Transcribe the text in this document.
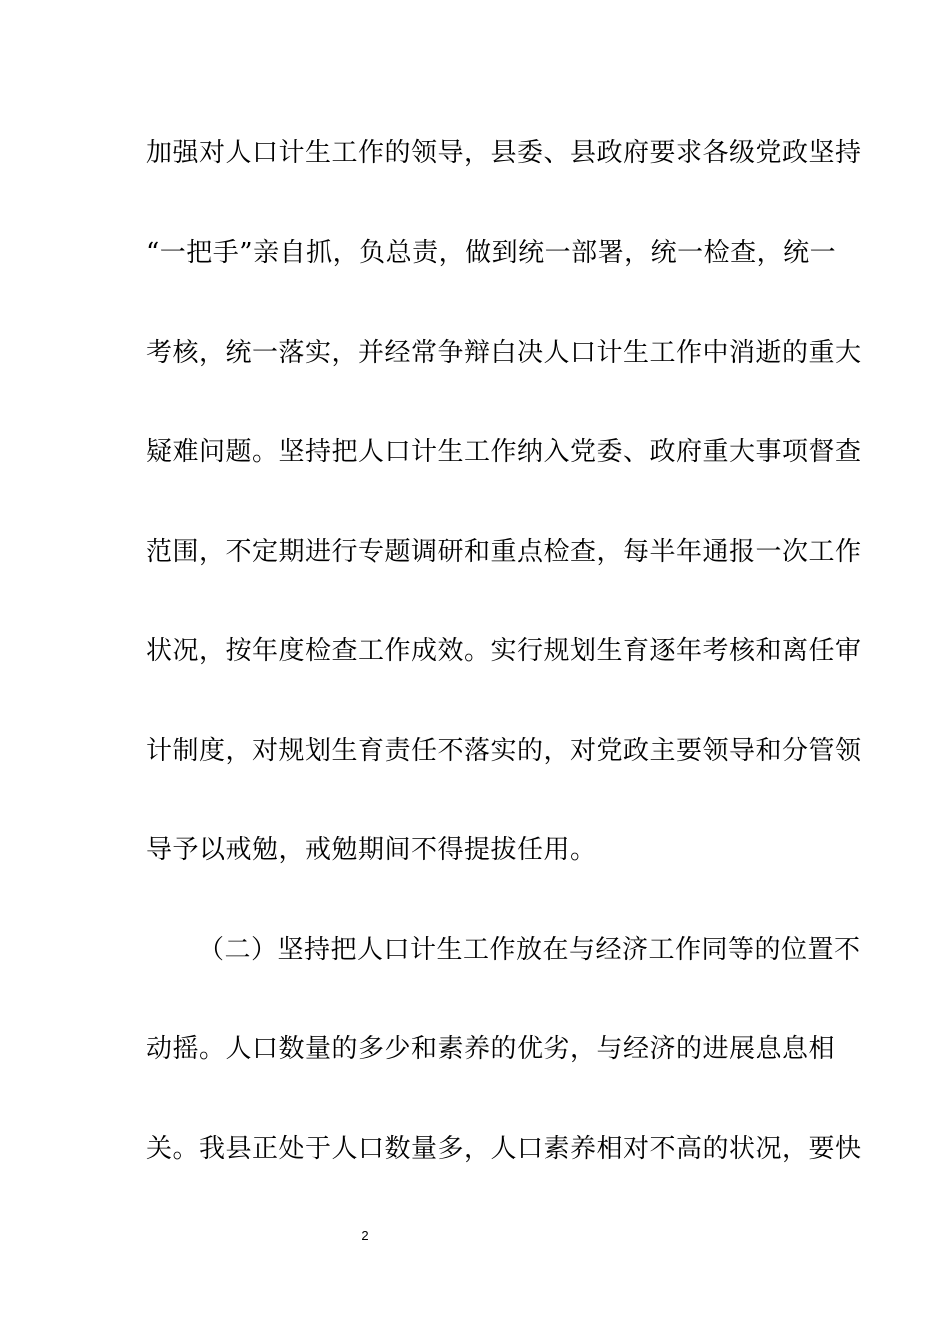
加强对人口计生工作的领导，县委、县政府要求各级党政坚持
“一把手”亲自抓，负总责，做到统一部署，统一检查，统一
考核，统一落实，并经常争辩白决人口计生工作中消逝的重大
疑难问题。坚持把人口计生工作纳入党委、政府重大事项督查
范围，不定期进行专题调研和重点检查，每半年通报一次工作
状况，按年度检查工作成效。实行规划生育逐年考核和离任审
计制度，对规划生育责任不落实的，对党政主要领导和分管领
导予以戒勉，戒勉期间不得提拔任用。
（二）坚持把人口计生工作放在与经济工作同等的位置不
动摇。人口数量的多少和素养的优劣，与经济的进展息息相
关。我县正处于人口数量多，人口素养相对不高的状况，要快
2
